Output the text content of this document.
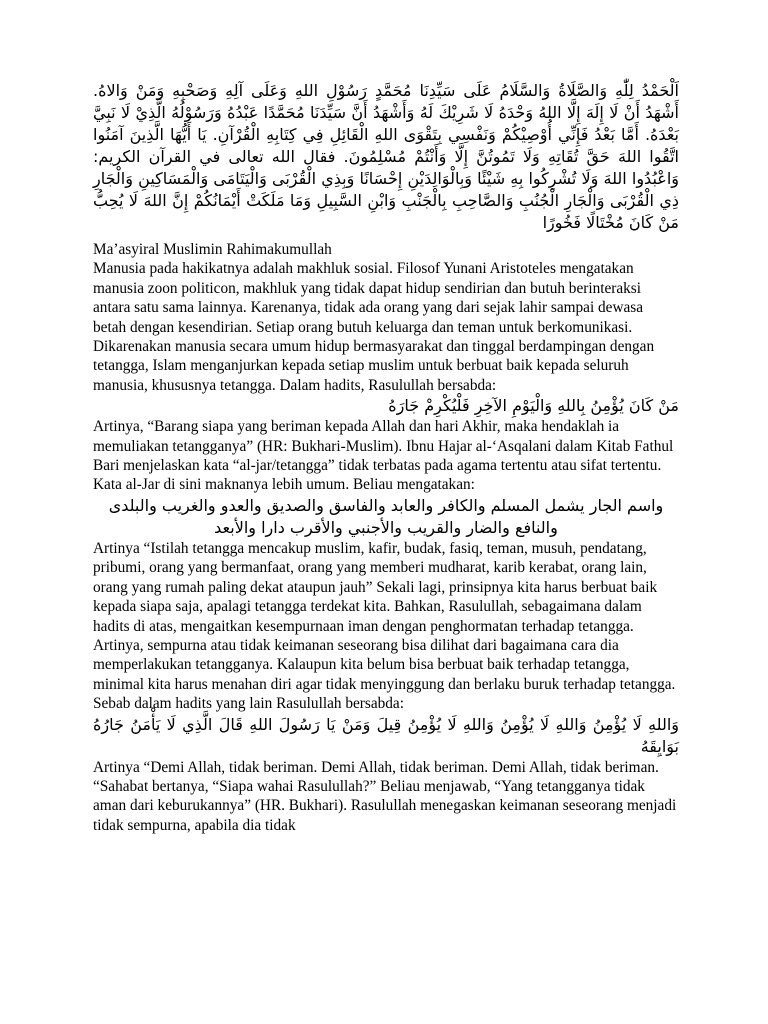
اَلْحَمْدُ لِلّٰهِ وَالصَّلَاةُ وَالسَّلَامُ عَلَى سَيِّدِنَا مُحَمَّدٍ رَسُوْلِ اللهِ وَعَلَى آلِهِ وَصَحْبِهِ وَمَنْ وَالاهُ. أَشْهَدُ أَنْ لَا إِلَهَ إِلَّا اللهُ وَحْدَهُ لَا شَرِيْكَ لَهُ وَأَشْهَدُ أَنَّ سَيِّدَنَا مُحَمَّدًا عَبْدُهُ وَرَسُوْلُهُ الَّذِيْ لَا نَبِيَّ بَعْدَهُ. أَمَّا بَعْدُ فَإِنِّي أُوْصِيْكُمْ وَنَفْسِي بِتَقْوَى اللهِ الْقَائِلِ فِي كِتَابِهِ الْقُرْآنِ. يَا أَيُّهَا الَّذِينَ آمَنُوا اتَّقُوا اللهَ حَقَّ تُقَاتِهِ وَلَا تَمُوتُنَّ إِلَّا وَأَنْتُمْ مُسْلِمُونَ. فقال الله تعالى في القرآن الكريم: وَاعْبُدُوا اللهَ وَلَا تُشْرِكُوا بِهِ شَيْئًا وَبِالْوَالِدَيْنِ إِحْسَانًا وَبِذِي الْقُرْبَى وَالْيَتَامَى وَالْمَسَاكِينِ وَالْجَارِ ذِي الْقُرْبَى وَالْجَارِ الْجُنُبِ وَالصَّاحِبِ بِالْجَنْبِ وَابْنِ السَّبِيلِ وَمَا مَلَكَتْ أَيْمَانُكُمْ إِنَّ اللهَ لَا يُحِبُّ مَنْ كَانَ مُخْتَالًا فَخُورًا

Ma’asyiral Muslimin Rahimakumullah

Manusia pada hakikatnya adalah makhluk sosial. Filosof Yunani Aristoteles mengatakan manusia zoon politicon, makhluk yang tidak dapat hidup sendirian dan butuh berinteraksi antara satu sama lainnya. Karenanya, tidak ada orang yang dari sejak lahir sampai dewasa betah dengan kesendirian. Setiap orang butuh keluarga dan teman untuk berkomunikasi. Dikarenakan manusia secara umum hidup bermasyarakat dan tinggal berdampingan dengan tetangga, Islam menganjurkan kepada setiap muslim untuk berbuat baik kepada seluruh manusia, khususnya tetangga. Dalam hadits, Rasulullah bersabda:

مَنْ كَانَ يُؤْمِنُ بِاللهِ وَالْيَوْمِ الآخِرِ فَلْيُكْرِمْ جَارَهُ

Artinya, “Barang siapa yang beriman kepada Allah dan hari Akhir, maka hendaklah ia memuliakan tetangganya” (HR: Bukhari-Muslim). Ibnu Hajar al-‘Asqalani dalam Kitab Fathul Bari menjelaskan kata “al-jar/tetangga” tidak terbatas pada agama tertentu atau sifat tertentu. Kata al-Jar di sini maknanya lebih umum. Beliau mengatakan:

واسم الجار يشمل المسلم والكافر والعابد والفاسق والصديق والعدو والغريب والبلدى

والنافع والضار والقريب والأجنبي والأقرب دارا والأبعد

Artinya “Istilah tetangga mencakup muslim, kafir, budak, fasiq, teman, musuh, pendatang, pribumi, orang yang bermanfaat, orang yang memberi mudharat, karib kerabat, orang lain, orang yang rumah paling dekat ataupun jauh” Sekali lagi, prinsipnya kita harus berbuat baik kepada siapa saja, apalagi tetangga terdekat kita. Bahkan, Rasulullah, sebagaimana dalam hadits di atas, mengaitkan kesempurnaan iman dengan penghormatan terhadap tetangga. Artinya, sempurna atau tidak keimanan seseorang bisa dilihat dari bagaimana cara dia memperlakukan tetangganya. Kalaupun kita belum bisa berbuat baik terhadap tetangga, minimal kita harus menahan diri agar tidak menyinggung dan berlaku buruk terhadap tetangga. Sebab dalam hadits yang lain Rasulullah bersabda:

وَاللهِ لَا يُؤْمِنُ وَاللهِ لَا يُؤْمِنُ وَاللهِ لَا يُؤْمِنُ قِيلَ وَمَنْ يَا رَسُولَ اللهِ قَالَ الَّذِي لَا يَأْمَنُ جَارُهُ بَوَايِقَهُ

Artinya “Demi Allah, tidak beriman. Demi Allah, tidak beriman. Demi Allah, tidak beriman. “Sahabat bertanya, “Siapa wahai Rasulullah?” Beliau menjawab, “Yang tetangganya tidak aman dari keburukannya” (HR. Bukhari). Rasulullah menegaskan keimanan seseorang menjadi tidak sempurna, apabila dia tidak
